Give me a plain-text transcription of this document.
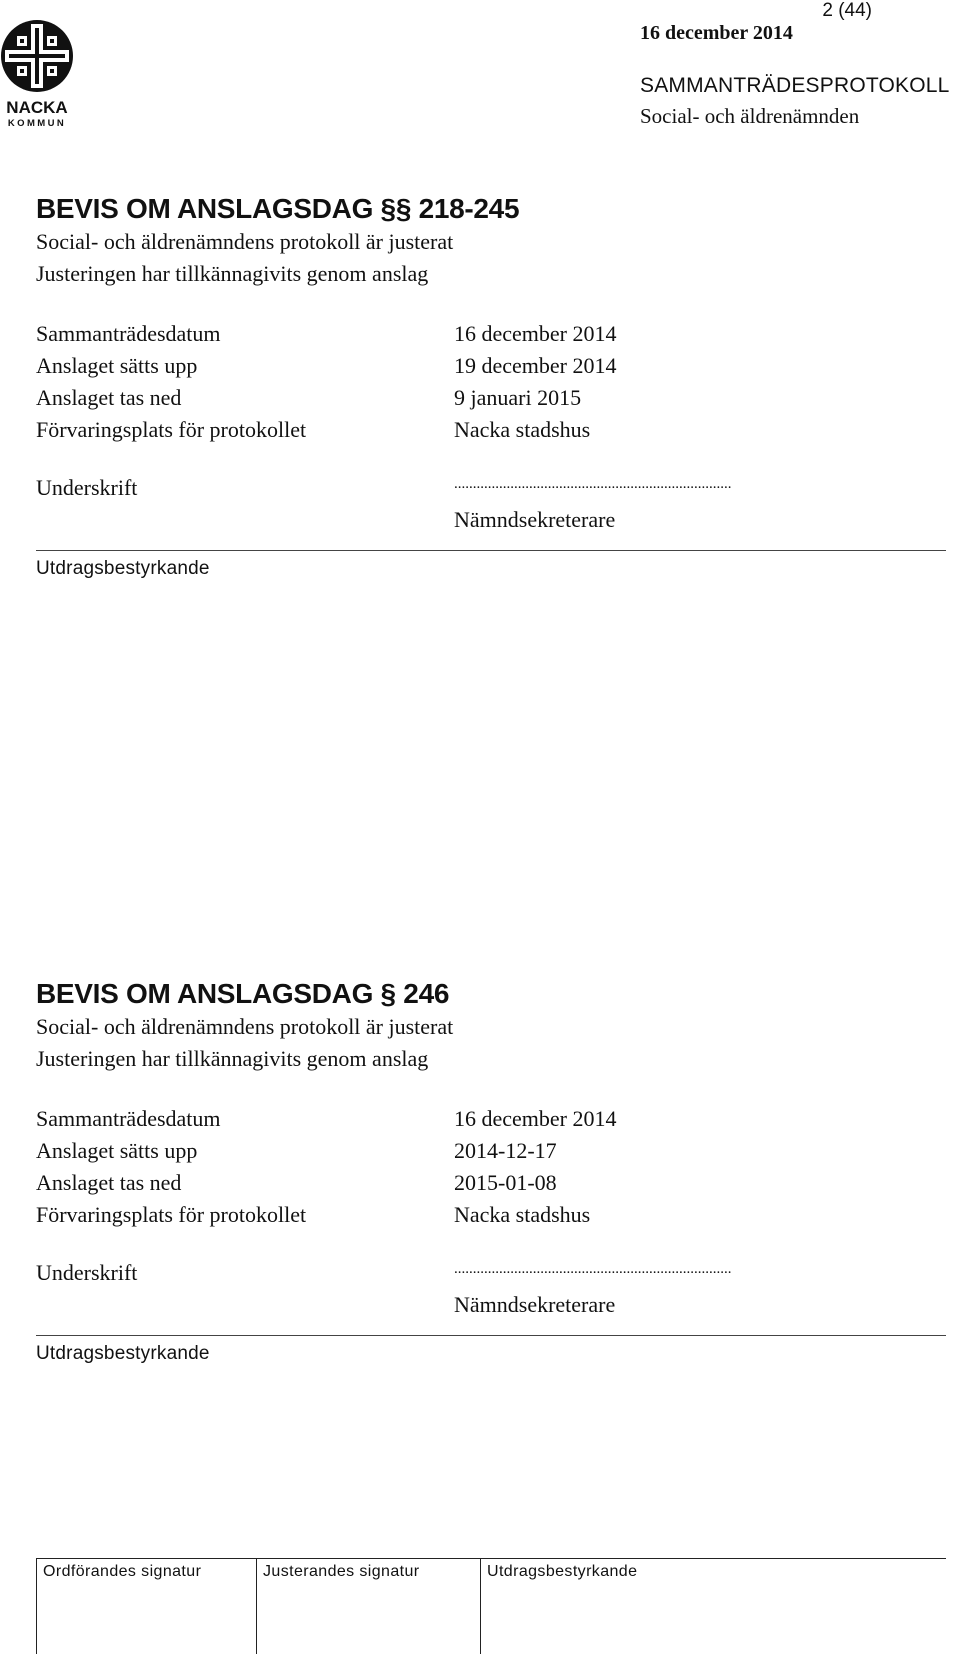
NACKA
KOMMUN
2 (44)
16 december 2014
SAMMANTRÄDESPROTOKOLL
Social- och äldrenämnden
BEVIS OM ANSLAGSDAG §§ 218-245

Social- och äldrenämndens protokoll är justerat

Justeringen har tillkännagivits genom anslag

Sammanträdesdatum	16 december 2014
Anslaget sätts upp	19 december 2014
Anslaget tas ned	9 januari 2015
Förvaringsplats för protokollet	Nacka stadshus
Underskrift	..........................................................................
Nämndsekreterare
Utdragsbestyrkande
BEVIS OM ANSLAGSDAG § 246

Social- och äldrenämndens protokoll är justerat

Justeringen har tillkännagivits genom anslag

Sammanträdesdatum	16 december 2014
Anslaget sätts upp	2014-12-17
Anslaget tas ned	2015-01-08
Förvaringsplats för protokollet	Nacka stadshus
Underskrift	..........................................................................
Nämndsekreterare
Utdragsbestyrkande
Ordförandes signatur	Justerandes signatur	Utdragsbestyrkande
